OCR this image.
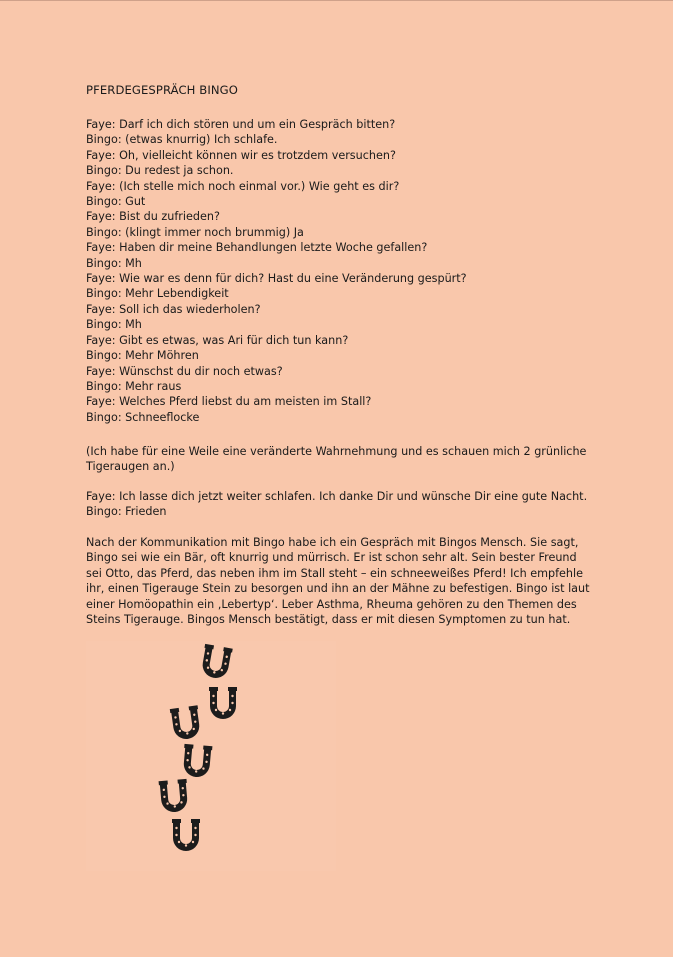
PFERDEGESPRÄCH BINGO
Faye: Darf ich dich stören und um ein Gespräch bitten?
Bingo: (etwas knurrig) Ich schlafe.
Faye: Oh, vielleicht können wir es trotzdem versuchen?
Bingo: Du redest ja schon.
Faye: (Ich stelle mich noch einmal vor.) Wie geht es dir?
Bingo: Gut
Faye: Bist du zufrieden?
Bingo: (klingt immer noch brummig) Ja
Faye: Haben dir meine Behandlungen letzte Woche gefallen?
Bingo: Mh
Faye: Wie war es denn für dich? Hast du eine Veränderung gespürt?
Bingo: Mehr Lebendigkeit
Faye: Soll ich das wiederholen?
Bingo: Mh
Faye: Gibt es etwas, was Ari für dich tun kann?
Bingo: Mehr Möhren
Faye: Wünschst du dir noch etwas?
Bingo: Mehr raus
Faye: Welches Pferd liebst du am meisten im Stall?
Bingo: Schneeflocke
(Ich habe für eine Weile eine veränderte Wahrnehmung und es schauen mich 2 grünliche Tigeraugen an.)
Faye: Ich lasse dich jetzt weiter schlafen. Ich danke Dir und wünsche Dir eine gute Nacht.
Bingo: Frieden
Nach der Kommunikation mit Bingo habe ich ein Gespräch mit Bingos Mensch. Sie sagt, Bingo sei wie ein Bär, oft knurrig und mürrisch. Er ist schon sehr alt. Sein bester Freund sei Otto, das Pferd, das neben ihm im Stall steht – ein schneeweißes Pferd! Ich empfehle ihr, einen Tigerauge Stein zu besorgen und ihn an der Mähne zu befestigen. Bingo ist laut einer Homöopathin ein ‚Lebertyp‘. Leber Asthma, Rheuma gehören zu den Themen des Steins Tigerauge. Bingos Mensch bestätigt, dass er mit diesen Symptomen zu tun hat.
